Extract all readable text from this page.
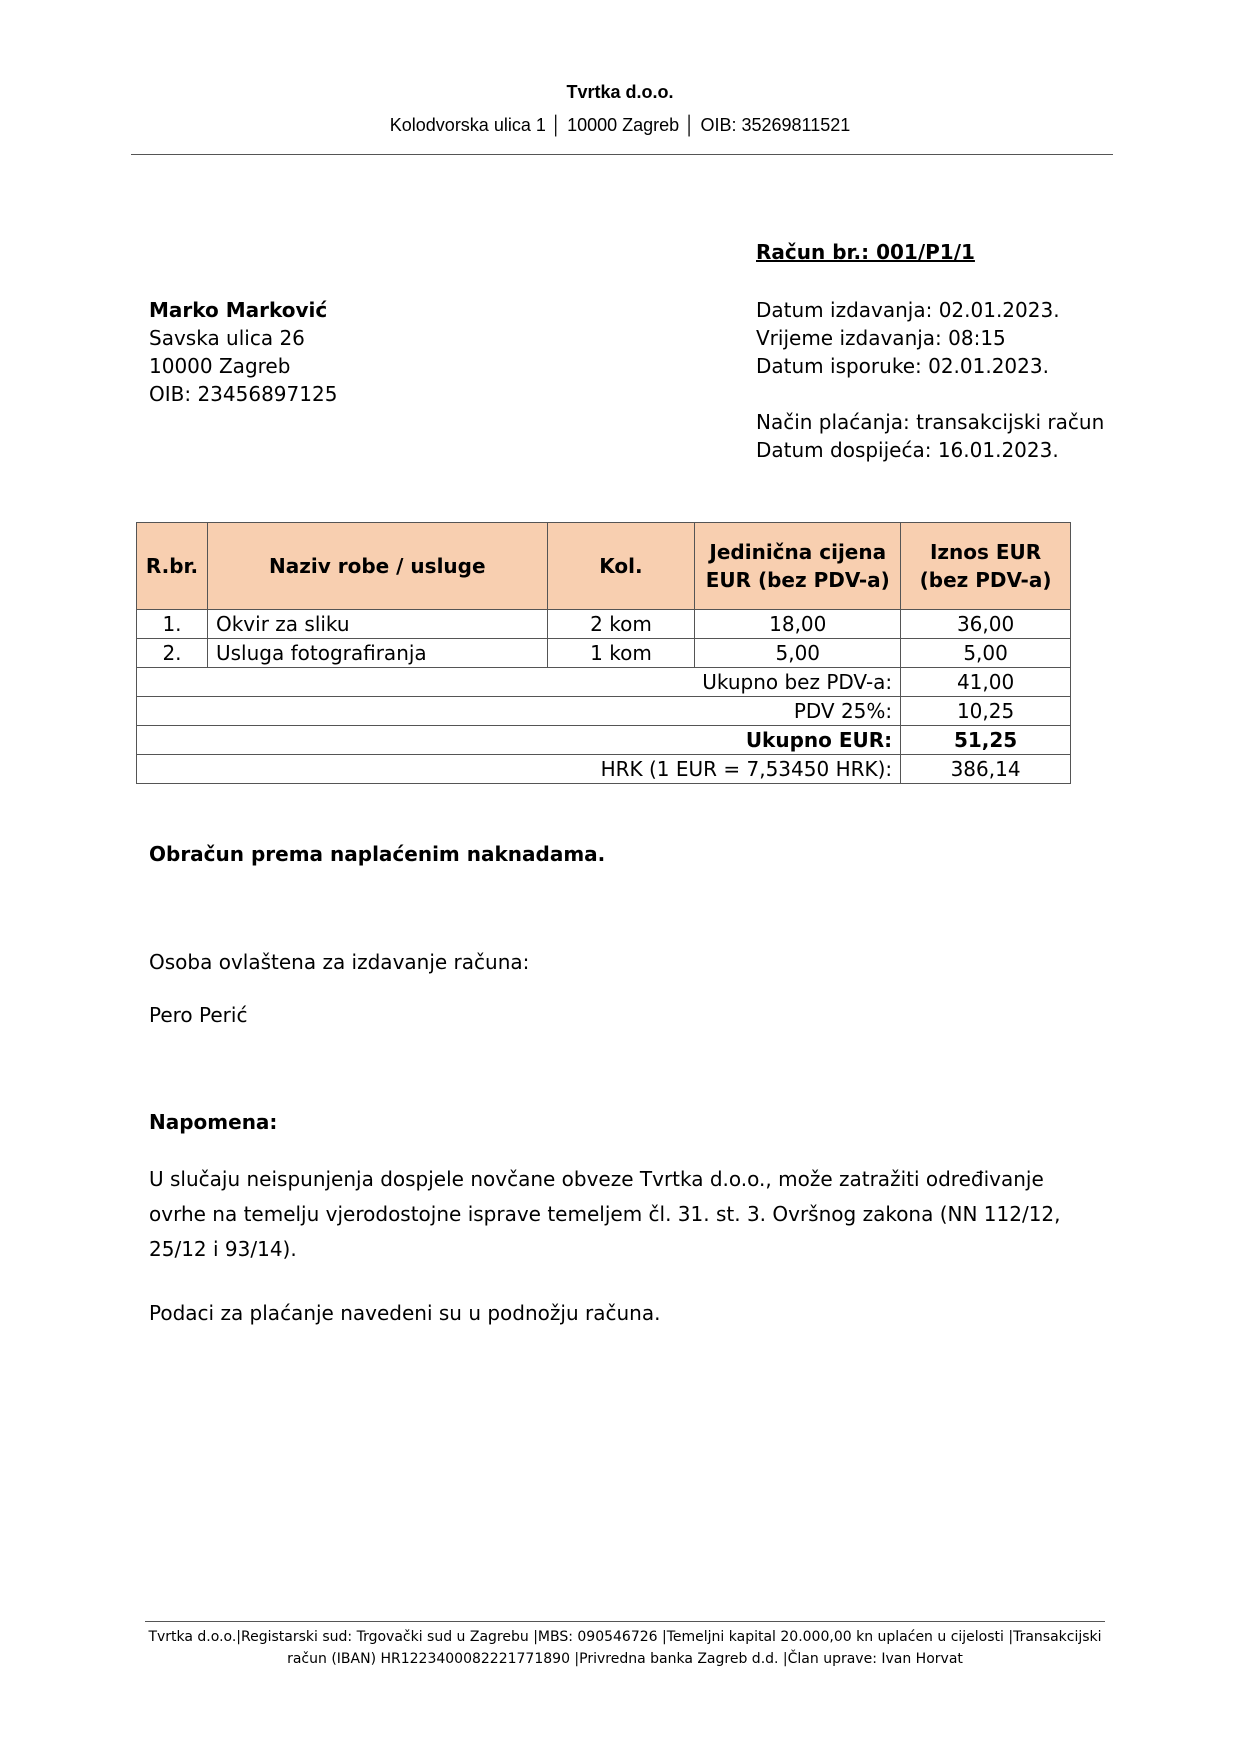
Tvrtka d.o.o.
Kolodvorska ulica 1 │ 10000 Zagreb │ OIB: 35269811521
Račun br.: 001/P1/1
Marko Marković
Savska ulica 26
10000 Zagreb
OIB: 23456897125
Datum izdavanja: 02.01.2023.
Vrijeme izdavanja: 08:15
Datum isporuke: 02.01.2023.
Način plaćanja: transakcijski račun
Datum dospijeća: 16.01.2023.
R.br.	Naziv robe / usluge	Kol.	Jedinična cijena EUR (bez PDV-a)	Iznos EUR (bez PDV-a)
1.	Okvir za sliku	2 kom	18,00	36,00
2.	Usluga fotografiranja	1 kom	5,00	5,00
Ukupno bez PDV-a:				41,00
PDV 25%:				10,25
Ukupno EUR:				51,25
HRK (1 EUR = 7,53450 HRK):				386,14
Obračun prema naplaćenim naknadama.
Osoba ovlaštena za izdavanje računa:
Pero Perić
Napomena:
U slučaju neispunjenja dospjele novčane obveze Tvrtka d.o.o., može zatražiti određivanje ovrhe na temelju vjerodostojne isprave temeljem čl. 31. st. 3. Ovršnog zakona (NN 112/12, 25/12 i 93/14).
Podaci za plaćanje navedeni su u podnožju računa.
Tvrtka d.o.o.|Registarski sud: Trgovački sud u Zagrebu |MBS: 090546726 |Temeljni kapital 20.000,00 kn uplaćen u cijelosti |Transakcijski
račun (IBAN) HR1223400082221771890 |Privredna banka Zagreb d.d. |Član uprave: Ivan Horvat
